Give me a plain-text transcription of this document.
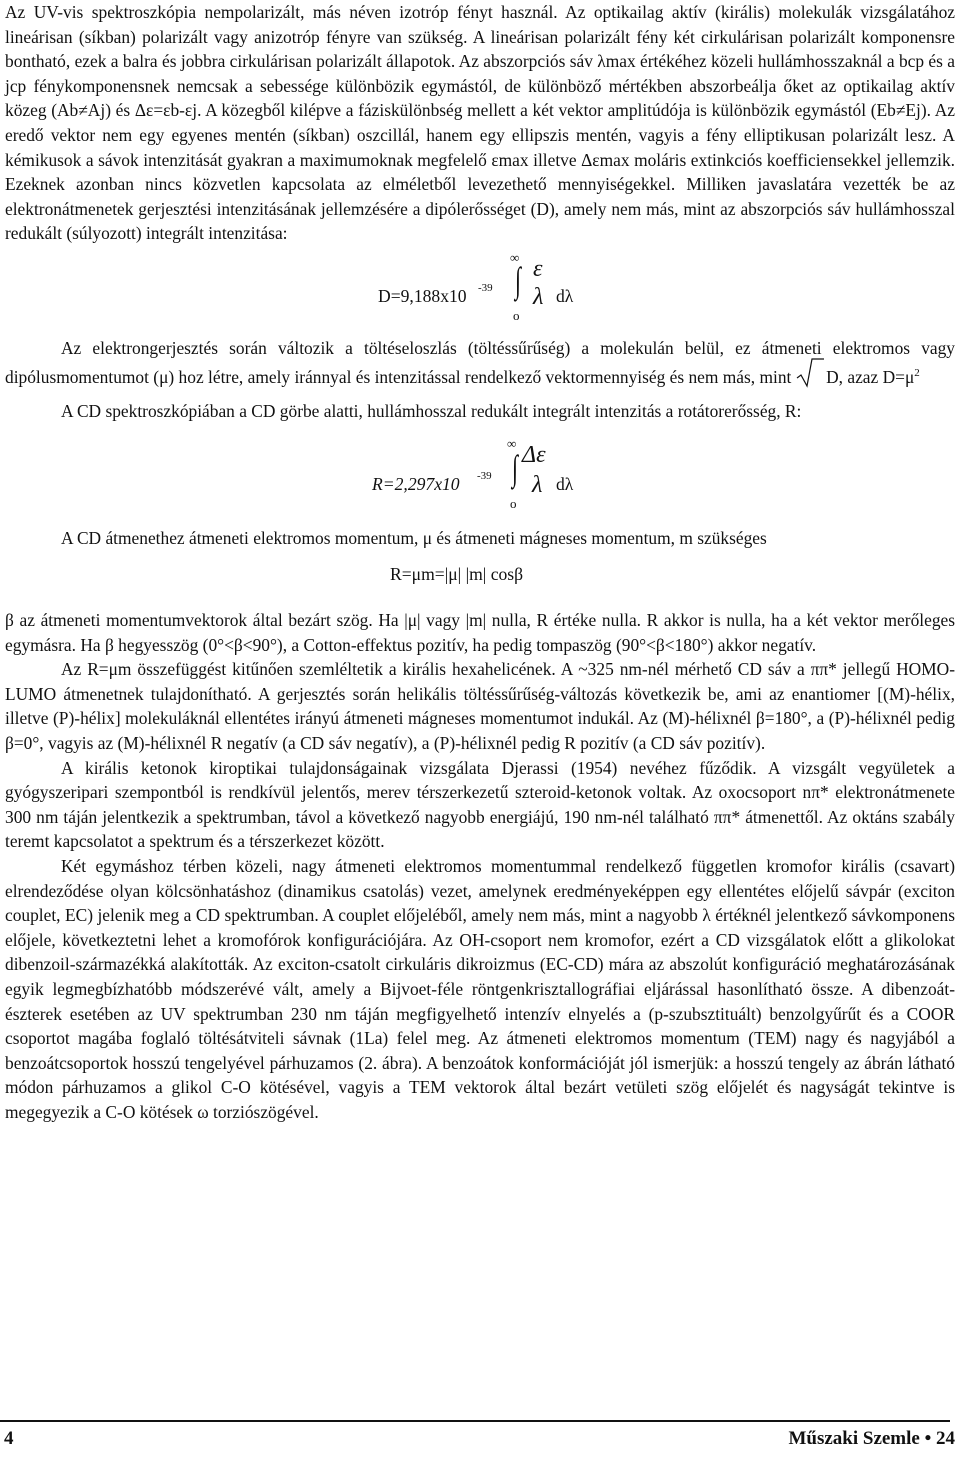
Az UV-vis spektroszkópia nempolarizált, más néven izotróp fényt használ. Az optikailag aktív (királis) molekulák vizsgálatához lineárisan (síkban) polarizált vagy anizotróp fényre van szükség. A lineárisan polarizált fény két cirkulárisan polarizált komponensre bontható, ezek a balra és jobbra cirkulárisan polarizált állapotok. Az abszorpciós sáv λmax értékéhez közeli hullámhosszaknál a bcp és a jcp fénykomponensnek nemcsak a sebessége különbözik egymástól, de különböző mértékben abszorbeálja őket az optikailag aktív közeg (Ab≠Aj) és Δε=εb-εj. A közegből kilépve a fáziskülönbség mellett a két vektor amplitúdója is különbözik egymástól (Eb≠Ej). Az eredő vektor nem egy egyenes mentén (síkban) oszcillál, hanem egy ellipszis mentén, vagyis a fény elliptikusan polarizált lesz. A kémikusok a sávok intenzitását gyakran a maximumoknak megfelelő εmax illetve Δεmax moláris extinkciós koefficiensekkel jellemzik. Ezeknek azonban nincs közvetlen kapcsolata az elméletből levezethető mennyiségekkel. Milliken javaslatára vezették be az elektronátmenetek gerjesztési intenzitásának jellemzésére a dipólerősséget (D), amely nem más, mint az abszorpciós sáv hullámhosszal redukált (súlyozott) integrált intenzitása:

D=9,188x10 -39
∞
∫
o
ε
λ dλ

Az elektrongerjesztés során változik a töltéseloszlás (töltéssűrűség) a molekulán belül, ez átmeneti elektromos vagy dipólusmomentumot (μ) hoz létre, amely iránnyal és intenzitással rendelkező vektormennyiség és nem más, mint D, azaz $D=\mu^2$

A CD spektroszkópiában a CD görbe alatti, hullámhosszal redukált integrált intenzitás a rotátorerősség, R:

R=2,297x10 -39
∞
∫
o
Δε
λ dλ

A CD átmenethez átmeneti elektromos momentum, μ és átmeneti mágneses momentum, m szükséges

R=μm=|μ| |m| cosβ

β az átmeneti momentumvektorok által bezárt szög. Ha |μ| vagy |m| nulla, R értéke nulla. R akkor is nulla, ha a két vektor merőleges egymásra. Ha β hegyesszög (0°<β<90°), a Cotton-effektus pozitív, ha pedig tompaszög (90°<β<180°) akkor negatív.

Az R=μm összefüggést kitűnően szemléltetik a királis hexahelicének. A ~325 nm-nél mérhető CD sáv a ππ* jellegű HOMO-LUMO átmenetnek tulajdonítható. A gerjesztés során helikális töltéssűrűség-változás következik be, ami az enantiomer [(M)-hélix, illetve (P)-hélix] molekuláknál ellentétes irányú átmeneti mágneses momentumot indukál. Az (M)-hélixnél β=180°, a (P)-hélixnél pedig β=0°, vagyis az (M)-hélixnél R negatív (a CD sáv negatív), a (P)-hélixnél pedig R pozitív (a CD sáv pozitív).

A királis ketonok kiroptikai tulajdonságainak vizsgálata Djerassi (1954) nevéhez fűződik. A vizsgált vegyületek a gyógyszeripari szempontból is rendkívül jelentős, merev térszerkezetű szteroid-ketonok voltak. Az oxocsoport nπ* elektronátmenete 300 nm táján jelentkezik a spektrumban, távol a következő nagyobb energiájú, 190 nm-nél található ππ* átmenettől. Az oktáns szabály teremt kapcsolatot a spektrum és a térszerkezet között.

Két egymáshoz térben közeli, nagy átmeneti elektromos momentummal rendelkező független kromofor királis (csavart) elrendeződése olyan kölcsönhatáshoz (dinamikus csatolás) vezet, amelynek eredményeképpen egy ellentétes előjelű sávpár (exciton couplet, EC) jelenik meg a CD spektrumban. A couplet előjeléből, amely nem más, mint a nagyobb λ értéknél jelentkező sávkomponens előjele, következtetni lehet a kromofórok konfigurációjára. Az OH-csoport nem kromofor, ezért a CD vizsgálatok előtt a glikolokat dibenzoil-származékká alakították. Az exciton-csatolt cirkuláris dikroizmus (EC-CD) mára az abszolút konfiguráció meghatározásának egyik legmegbízhatóbb módszerévé vált, amely a Bijvoet-féle röntgenkrisztallográfiai eljárással hasonlítható össze. A dibenzoát-észterek esetében az UV spektrumban 230 nm táján megfigyelhető intenzív elnyelés a (p-szubsztituált) benzolgyűrűt és a COOR csoportot magába foglaló töltésátviteli sávnak (1La) felel meg. Az átmeneti elektromos momentum (TEM) nagy és nagyjából a benzoátcsoportok hosszú tengelyével párhuzamos (2. ábra). A benzoátok konformációját jól ismerjük: a hosszú tengely az ábrán látható módon párhuzamos a glikol C-O kötésével, vagyis a TEM vektorok által bezárt vetületi szög előjelét és nagyságát tekintve is megegyezik a C-O kötések ω torziószögével.

4	Műszaki Szemle • 24
